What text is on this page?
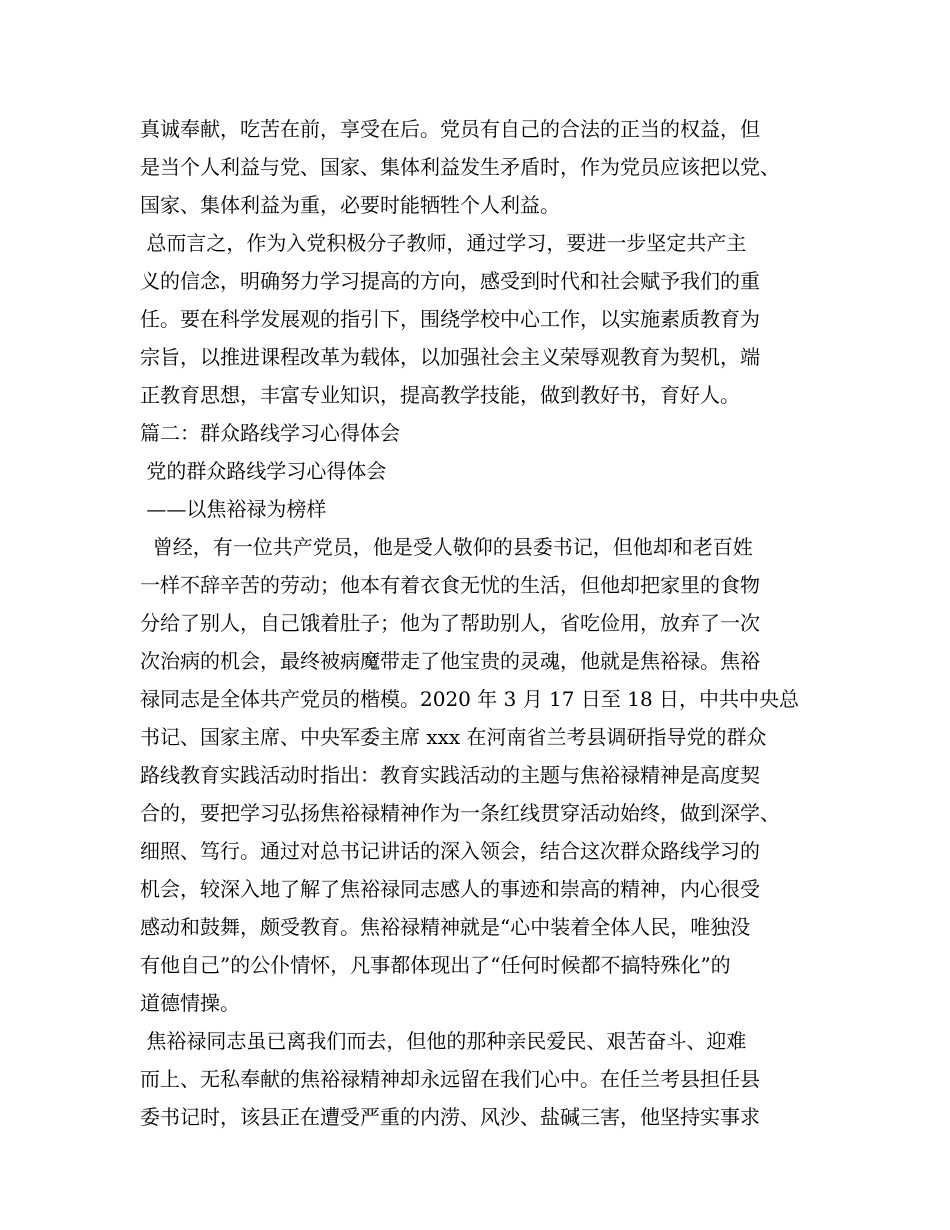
真诚奉献，吃苦在前，享受在后。党员有自己的合法的正当的权益，但
是当个人利益与党、国家、集体利益发生矛盾时，作为党员应该把以党、
国家、集体利益为重，必要时能牺牲个人利益。
总而言之，作为入党积极分子教师，通过学习，要进一步坚定共产主
义的信念，明确努力学习提高的方向，感受到时代和社会赋予我们的重
任。要在科学发展观的指引下，围绕学校中心工作，以实施素质教育为
宗旨，以推进课程改革为载体，以加强社会主义荣辱观教育为契机，端
正教育思想，丰富专业知识，提高教学技能，做到教好书，育好人。
篇二：群众路线学习心得体会
党的群众路线学习心得体会
——以焦裕禄为榜样
曾经，有一位共产党员，他是受人敬仰的县委书记，但他却和老百姓
一样不辞辛苦的劳动；他本有着衣食无忧的生活，但他却把家里的食物
分给了别人，自己饿着肚子；他为了帮助别人，省吃俭用，放弃了一次
次治病的机会，最终被病魔带走了他宝贵的灵魂，他就是焦裕禄。焦裕
禄同志是全体共产党员的楷模。2020 年 3 月 17 日至 18 日，中共中央总
书记、国家主席、中央军委主席 xxx 在河南省兰考县调研指导党的群众
路线教育实践活动时指出：教育实践活动的主题与焦裕禄精神是高度契
合的，要把学习弘扬焦裕禄精神作为一条红线贯穿活动始终，做到深学、
细照、笃行。通过对总书记讲话的深入领会，结合这次群众路线学习的
机会，较深入地了解了焦裕禄同志感人的事迹和崇高的精神，内心很受
感动和鼓舞，颇受教育。焦裕禄精神就是“心中装着全体人民，唯独没
有他自己”的公仆情怀，凡事都体现出了“任何时候都不搞特殊化”的
道德情操。
焦裕禄同志虽已离我们而去，但他的那种亲民爱民、艰苦奋斗、迎难
而上、无私奉献的焦裕禄精神却永远留在我们心中。在任兰考县担任县
委书记时，该县正在遭受严重的内涝、风沙、盐碱三害，他坚持实事求
